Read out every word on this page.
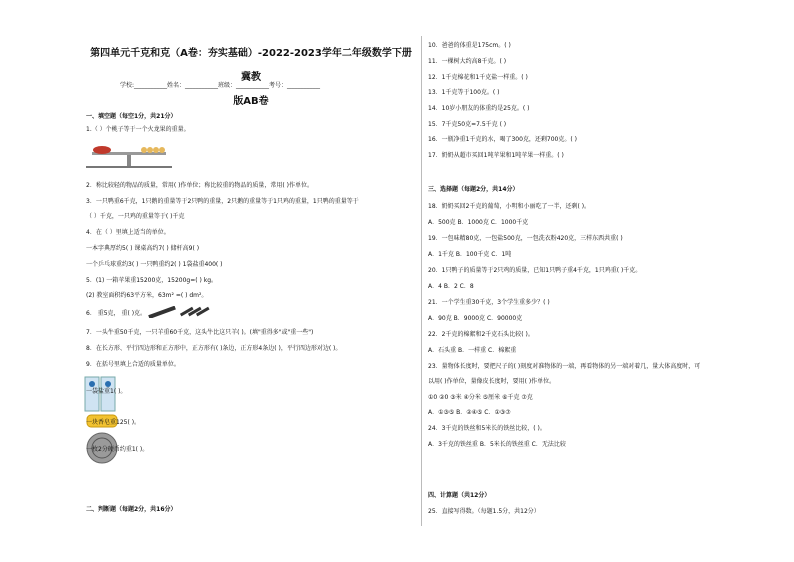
第四单元千克和克（A卷：夯实基础）-2022-2023学年二年级数学下册冀教
版AB卷
学校:___________姓名：___________班级：___________考号：___________
一、填空题（每空1分，共21分）
1.（ ）个桃子等于一个火龙果的重量。
2．称比较轻的物品的质量，常用( )作单位；称比较重的物品的质量，常用( )作单位。
3．一只鸭重6千克，1只鹅的重量等于2只鸭的重量，2只鹅的重量等于1只鸡的重量，1只鸭的重量等于
（ ）千克，一只鸡的重量等于( )千克
4．在（ ）里填上适当的单位。
一本字典厚约5( ) 课桌高约7( ) 储杆高9( )
一个乒乓球重约3( ) 一只鸭重约2( ) 1袋盐重400( )
5．(1) 一箱苹果重15200克，15200g=( ) kg。
(2) 教室面积约63平方米，63m² =( ) dm²。
6． 重5克， 重( )克。
7．一头牛重50千克，一只羊重60千克，这头牛比这只羊( )。(填"重得多"或"重一些")
8．在长方形、平行四边形和正方形中，正方形有( )条边，正方形4条边( )，平行四边形对边( )。
9．在括号里填上合适的质量单位。
一袋盐重1( )。
一块香皂重125( )。
一枚2分硬币约重1( )。
二、判断题（每题2分，共16分）
10．爸爸的体重是175cm。( )
11．一棵树大约高8千克。( )
12．1千克棉花和1千克盐一样重。( )
13．1千克等于100克。( )
14．10岁小朋友的体重约是25克。( )
15．7千克50克=7.5千克 ( )
16．一瓶净重1千克的水，喝了300克，还剩700克。( )
17．奶奶从超市买回1吨苹果和1吨苹果一样重。( )
三、选择题（每题2分，共14分）
18．奶奶买回2千克的葡萄，小明和小丽吃了一半，还剩( )。
A．500克 B．1000克 C．1000千克
19．一包味精80克，一包盐500克，一包洗衣粉420克，三样东西共重( )
A．1千克 B．100千克 C．1吨
20．1只鸭子的质量等于2只鸡的质量，已知1只鸭子重4千克，1只鸡重( )千克。
A．4 B．2 C．8
21．一个学生重30千克，3个学生重多少？( )
A．90克 B．9000克 C．90000克
22．2千克的棉絮和2千克石头比较( )。
A．石头重 B．一样重 C．棉絮重
23．量物体长度时，要把尺子的( )刻度对准物体的一端，再看物体的另一端对着几，量大体高度时，可
以用( )作单位，量像皮长度时，要用( )作单位。
①0 ②0 ③米 ④分米 ⑤厘米 ⑥千克 ⑦克
A．①③⑤ B．②④⑤ C．①③⑦
24．3千克的铁丝和5米长的铁丝比较，( )。
A．3千克的铁丝重 B．5米长的铁丝重 C．无法比较
四、计算题（共12分）
25．直接写得数。（每题1.5分，共12分）
